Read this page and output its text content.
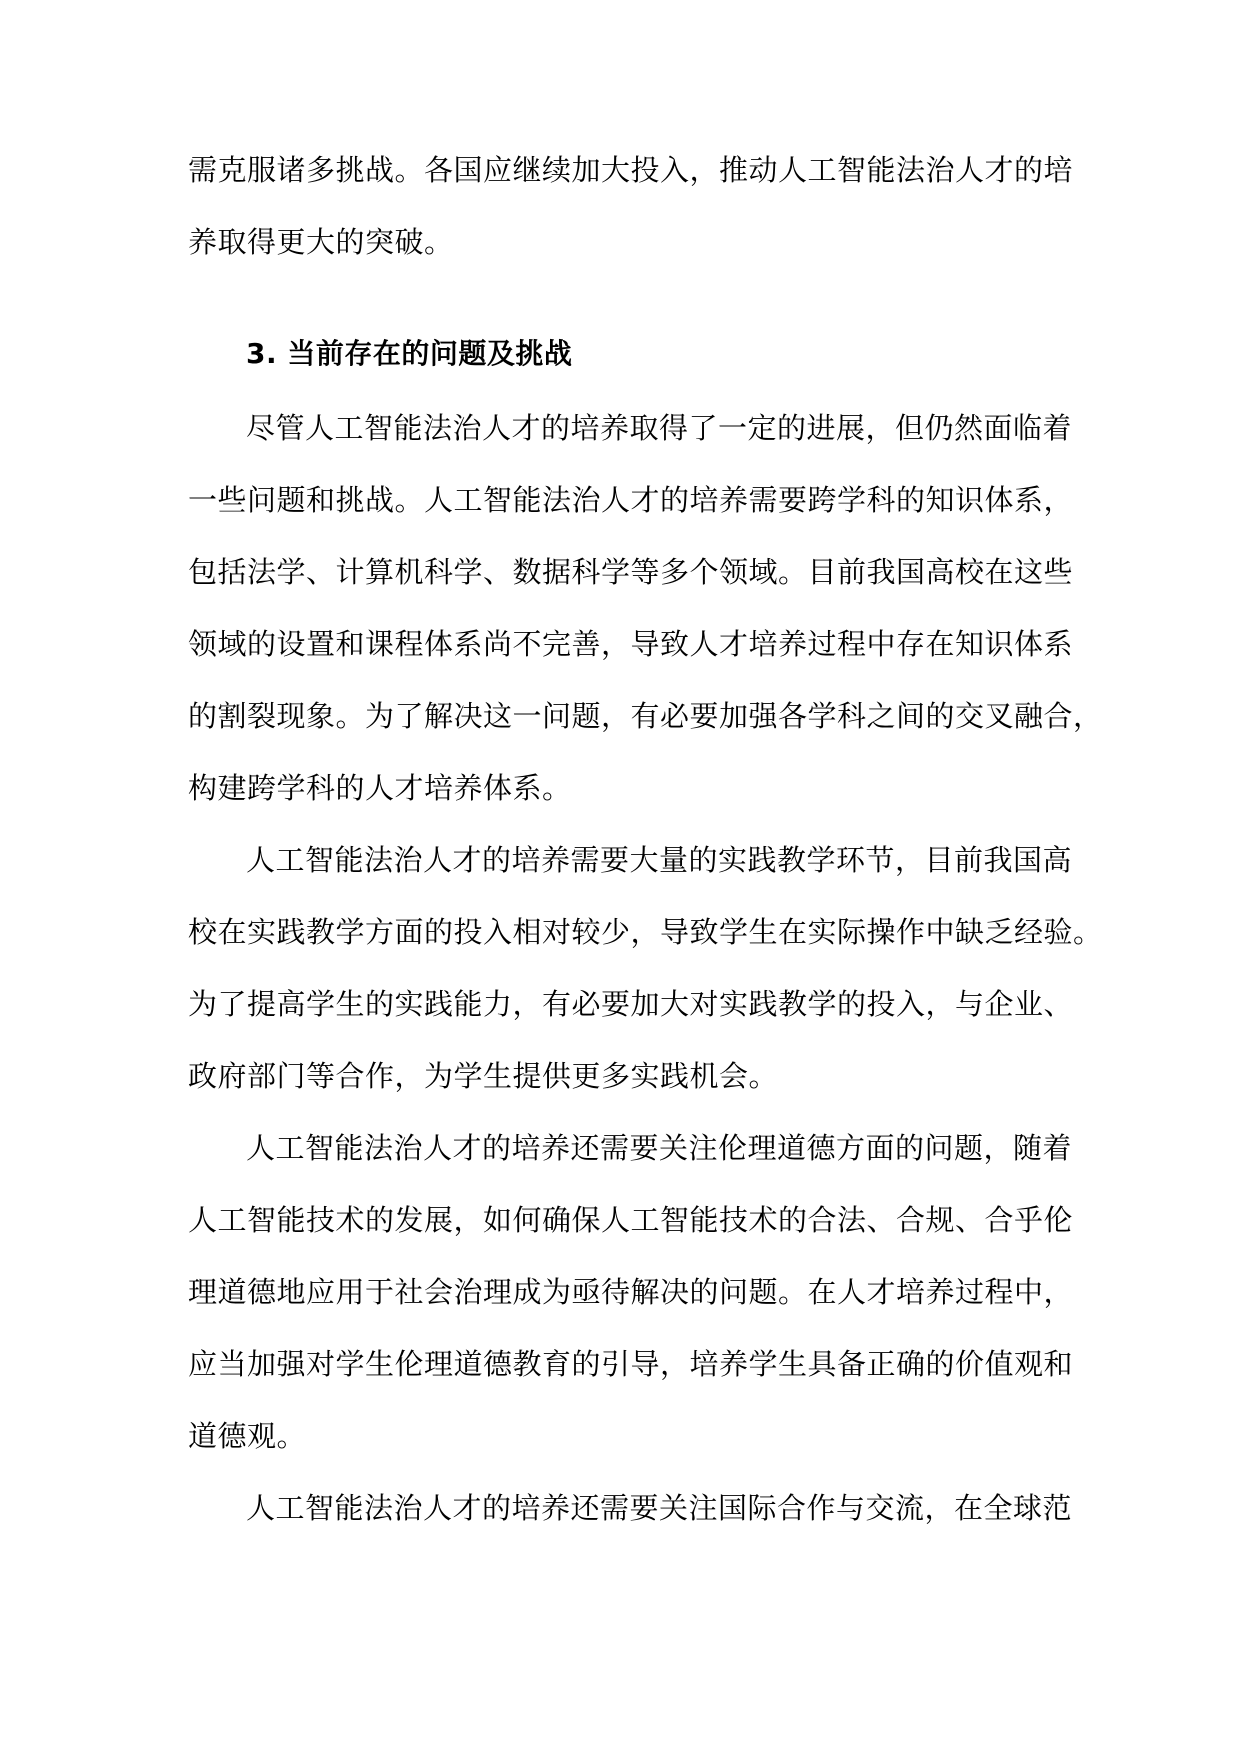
需克服诸多挑战。各国应继续加大投入，推动人工智能法治人才的培
养取得更大的突破。
3. 当前存在的问题及挑战
尽管人工智能法治人才的培养取得了一定的进展，但仍然面临着
一些问题和挑战。人工智能法治人才的培养需要跨学科的知识体系，
包括法学、计算机科学、数据科学等多个领域。目前我国高校在这些
领域的设置和课程体系尚不完善，导致人才培养过程中存在知识体系
的割裂现象。为了解决这一问题，有必要加强各学科之间的交叉融合，
构建跨学科的人才培养体系。
人工智能法治人才的培养需要大量的实践教学环节，目前我国高
校在实践教学方面的投入相对较少，导致学生在实际操作中缺乏经验。
为了提高学生的实践能力，有必要加大对实践教学的投入，与企业、
政府部门等合作，为学生提供更多实践机会。
人工智能法治人才的培养还需要关注伦理道德方面的问题，随着
人工智能技术的发展，如何确保人工智能技术的合法、合规、合乎伦
理道德地应用于社会治理成为亟待解决的问题。在人才培养过程中，
应当加强对学生伦理道德教育的引导，培养学生具备正确的价值观和
道德观。
人工智能法治人才的培养还需要关注国际合作与交流，在全球范
